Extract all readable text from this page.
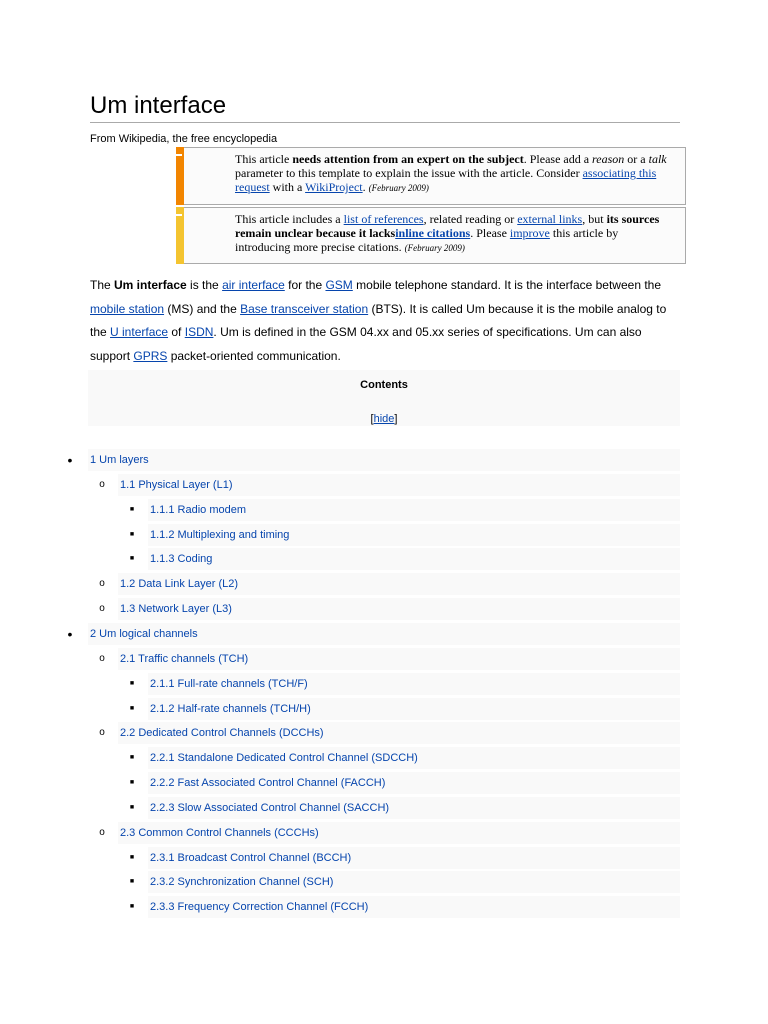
Um interface
From Wikipedia, the free encyclopedia
This article needs attention from an expert on the subject. Please add a reason or a talk parameter to this template to explain the issue with the article. Consider associating this request with a WikiProject. (February 2009)
This article includes a list of references, related reading or external links, but its sources remain unclear because it lacksinline citations. Please improve this article by introducing more precise citations. (February 2009)
The Um interface is the air interface for the GSM mobile telephone standard. It is the interface between the mobile station (MS) and the Base transceiver station (BTS). It is called Um because it is the mobile analog to the U interface of ISDN. Um is defined in the GSM 04.xx and 05.xx series of specifications. Um can also support GPRS packet-oriented communication.
Contents
[hide]
•	1 Um layers
o 1.1 Physical Layer (L1)
■	1.1.1 Radio modem
■	1.1.2 Multiplexing and timing
■	1.1.3 Coding
o 1.2 Data Link Layer (L2)
o 1.3 Network Layer (L3)
•	2 Um logical channels
o 2.1 Traffic channels (TCH)
■	2.1.1 Full-rate channels (TCH/F)
■	2.1.2 Half-rate channels (TCH/H)
o 2.2 Dedicated Control Channels (DCCHs)
■	2.2.1 Standalone Dedicated Control Channel (SDCCH)
■	2.2.2 Fast Associated Control Channel (FACCH)
■	2.2.3 Slow Associated Control Channel (SACCH)
o 2.3 Common Control Channels (CCCHs)
■	2.3.1 Broadcast Control Channel (BCCH)
■	2.3.2 Synchronization Channel (SCH)
■	2.3.3 Frequency Correction Channel (FCCH)
